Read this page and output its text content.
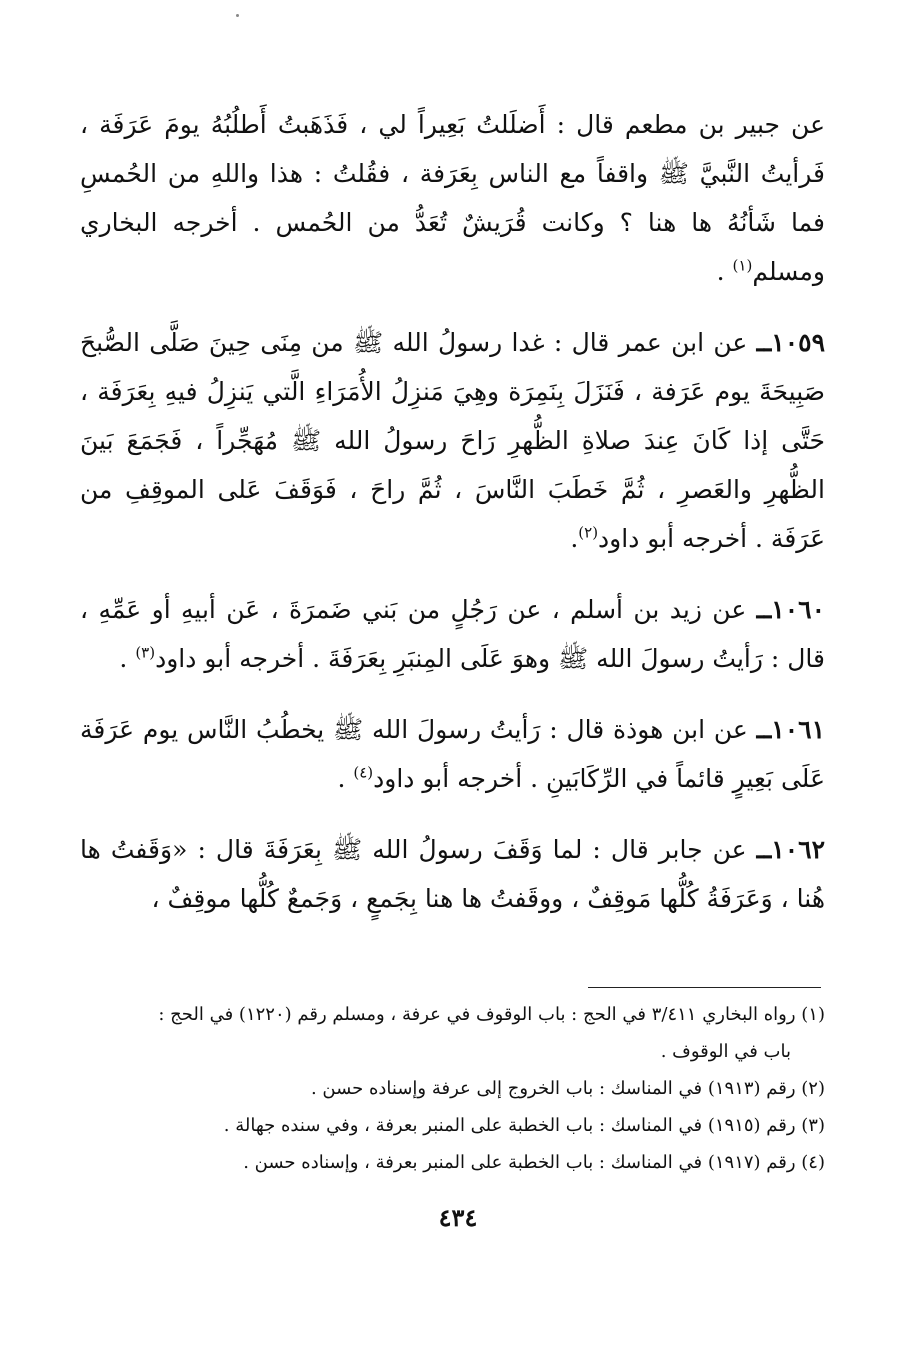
عن جبير بن مطعم قال : أَضلَلتُ بَعِيراً لي ، فَذَهَبتُ أَطلُبُهُ يومَ عَرَفَة ، فَرأيتُ النَّبيَّ ﷺ واقفاً مع الناس بِعَرَفة ، فقُلتُ : هذا واللهِ من الحُمسِ فما شَأنُهُ ها هنا ؟ وكانت قُرَيشٌ تُعَدُّ من الحُمس . أخرجه البخاري ومسلم$^{(١)}$ .

١٠٥٩ــ عن ابن عمر قال : غدا رسولُ الله ﷺ من مِنَى حِينَ صَلَّى الصُّبحَ صَبِيحَةَ يوم عَرَفة ، فَنَزَلَ بِنَمِرَة وهِيَ مَنزِلُ الأُمَرَاءِ الَّتي يَنزِلُ فيهِ بِعَرَفَة ، حَتَّى إذا كَانَ عِندَ صلاةِ الظُّهرِ رَاحَ رسولُ الله ﷺ مُهَجِّراً ، فَجَمَعَ بَينَ الظُّهرِ والعَصرِ ، ثُمَّ خَطَبَ النَّاسَ ، ثُمَّ راحَ ، فَوَقَفَ عَلى الموقِفِ من عَرَفَة . أخرجه أبو داود$^{(٢)}$.

١٠٦٠ــ عن زيد بن أسلم ، عن رَجُلٍ من بَني ضَمرَةَ ، عَن أبيهِ أو عَمِّهِ ، قال : رَأيتُ رسولَ الله ﷺ وهوَ عَلَى المِنبَرِ بِعَرَفَةَ . أخرجه أبو داود$^{(٣)}$ .

١٠٦١ــ عن ابن هوذة قال : رَأيتُ رسولَ الله ﷺ يخطُبُ النَّاس يوم عَرَفَة عَلَى بَعِيرٍ قائماً في الرِّكَابَينِ . أخرجه أبو داود$^{(٤)}$ .

١٠٦٢ــ عن جابر قال : لما وَقَفَ رسولُ الله ﷺ بِعَرَفَةَ قال : «وَقَفتُ ها هُنا ، وَعَرَفَةُ كُلُّها مَوقِفٌ ، ووقَفتُ ها هنا بِجَمعٍ ، وَجَمعٌ كُلُّها موقِفٌ ،

(١) رواه البخاري ٣/٤١١ في الحج : باب الوقوف في عرفة ، ومسلم رقم (١٢٢٠) في الحج :

باب في الوقوف .

(٢) رقم (١٩١٣) في المناسك : باب الخروج إلى عرفة وإسناده حسن .

(٣) رقم (١٩١٥) في المناسك : باب الخطبة على المنبر بعرفة ، وفي سنده جهالة .

(٤) رقم (١٩١٧) في المناسك : باب الخطبة على المنبر بعرفة ، وإسناده حسن .

٤٣٤
